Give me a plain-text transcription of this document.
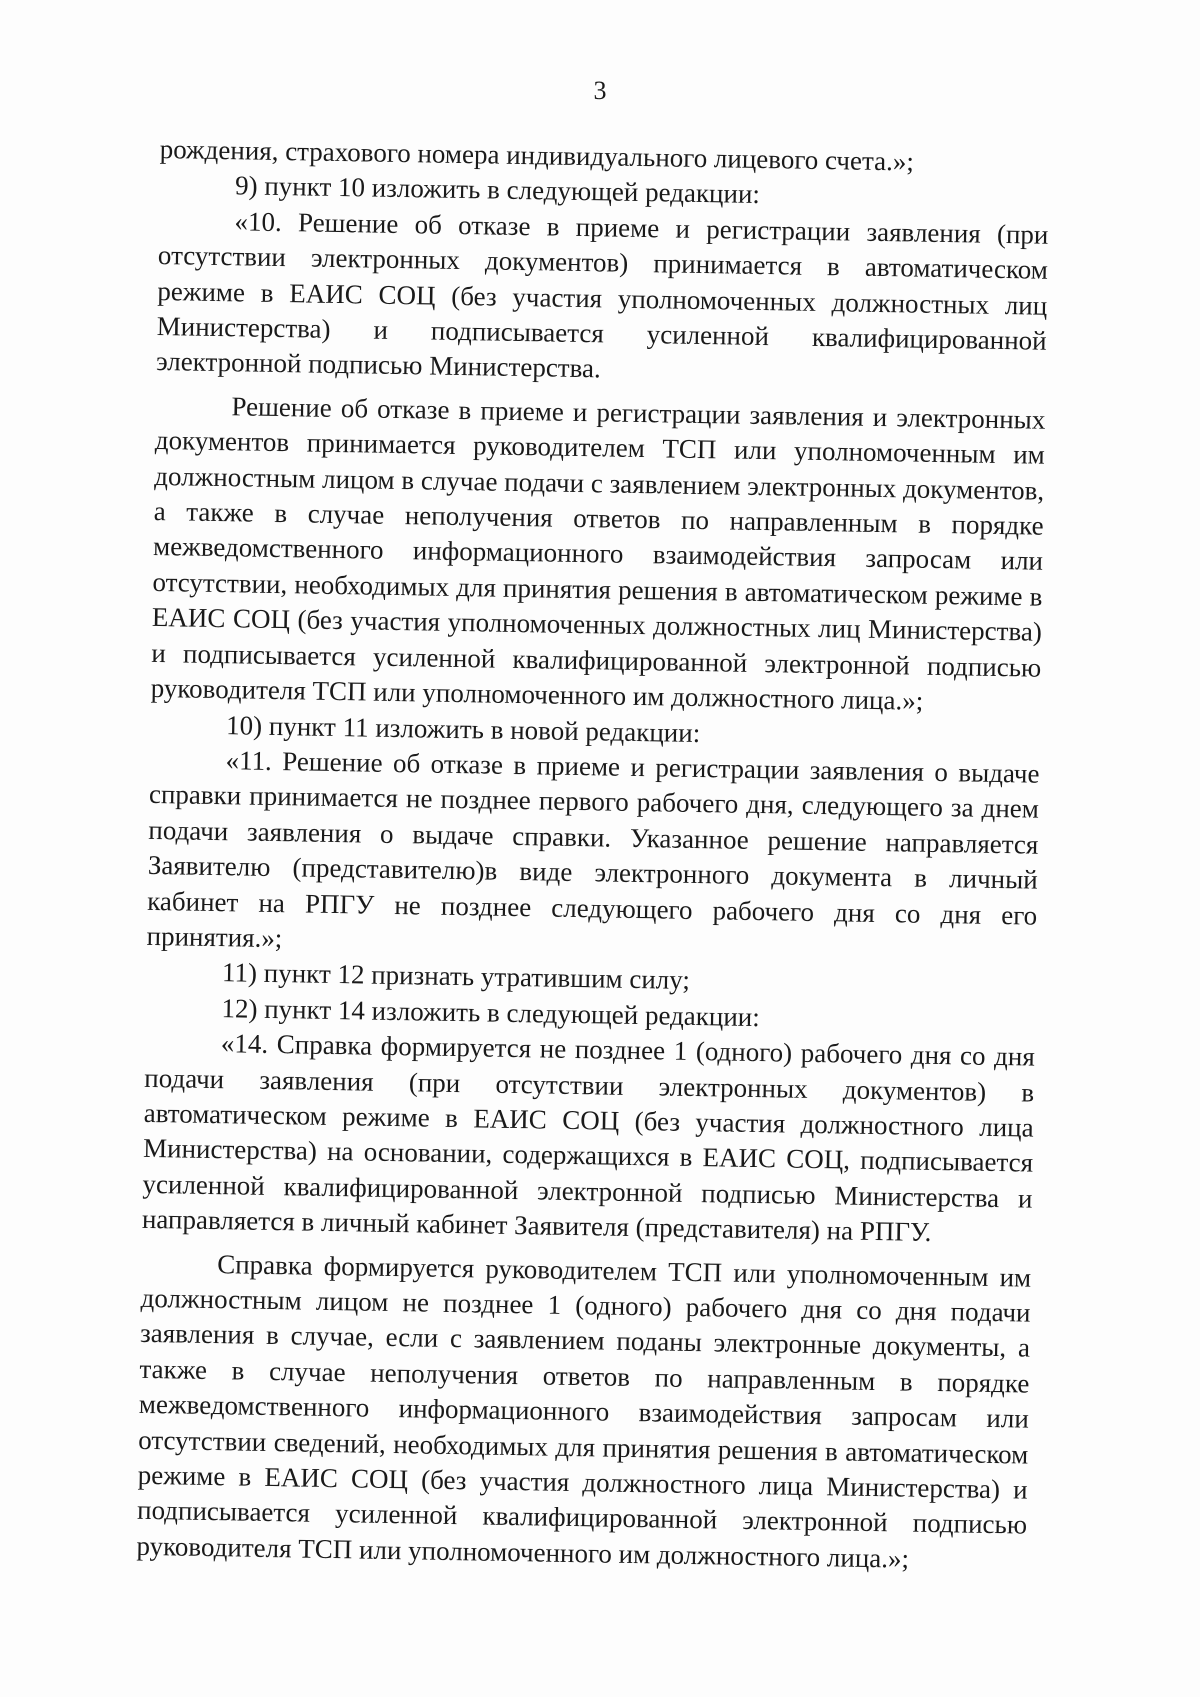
3

рождения, страхового номера индивидуального лицевого счета.»;

9) пункт 10 изложить в следующей редакции:

«10. Решение об отказе в приеме и регистрации заявления (при отсутствии электронных документов) принимается в автоматическом режиме в ЕАИС СОЦ (без участия уполномоченных должностных лиц Министерства) и подписывается усиленной квалифицированной электронной подписью Министерства.

Решение об отказе в приеме и регистрации заявления и электронных документов принимается руководителем ТСП или уполномоченным им должностным лицом в случае подачи с заявлением электронных документов, а также в случае неполучения ответов по направленным в порядке межведомственного информационного взаимодействия запросам или отсутствии, необходимых для принятия решения в автоматическом режиме в ЕАИС СОЦ (без участия уполномоченных должностных лиц Министерства) и подписывается усиленной квалифицированной электронной подписью руководителя ТСП или уполномоченного им должностного лица.»;

10) пункт 11 изложить в новой редакции:

«11. Решение об отказе в приеме и регистрации заявления о выдаче справки принимается не позднее первого рабочего дня, следующего за днем подачи заявления о выдаче справки. Указанное решение направляется Заявителю (представителю)в виде электронного документа в личный кабинет на РПГУ не позднее следующего рабочего дня со дня его принятия.»;

11) пункт 12 признать утратившим силу;

12) пункт 14 изложить в следующей редакции:

«14. Справка формируется не позднее 1 (одного) рабочего дня со дня подачи заявления (при отсутствии электронных документов) в автоматическом режиме в ЕАИС СОЦ (без участия должностного лица Министерства) на основании, содержащихся в ЕАИС СОЦ, подписывается усиленной квалифицированной электронной подписью Министерства и направляется в личный кабинет Заявителя (представителя) на РПГУ.

Справка формируется руководителем ТСП или уполномоченным им должностным лицом не позднее 1 (одного) рабочего дня со дня подачи заявления в случае, если с заявлением поданы электронные документы, а также в случае неполучения ответов по направленным в порядке межведомственного информационного взаимодействия запросам или отсутствии сведений, необходимых для принятия решения в автоматическом режиме в ЕАИС СОЦ (без участия должностного лица Министерства) и подписывается усиленной квалифицированной электронной подписью руководителя ТСП или уполномоченного им должностного лица.»;
